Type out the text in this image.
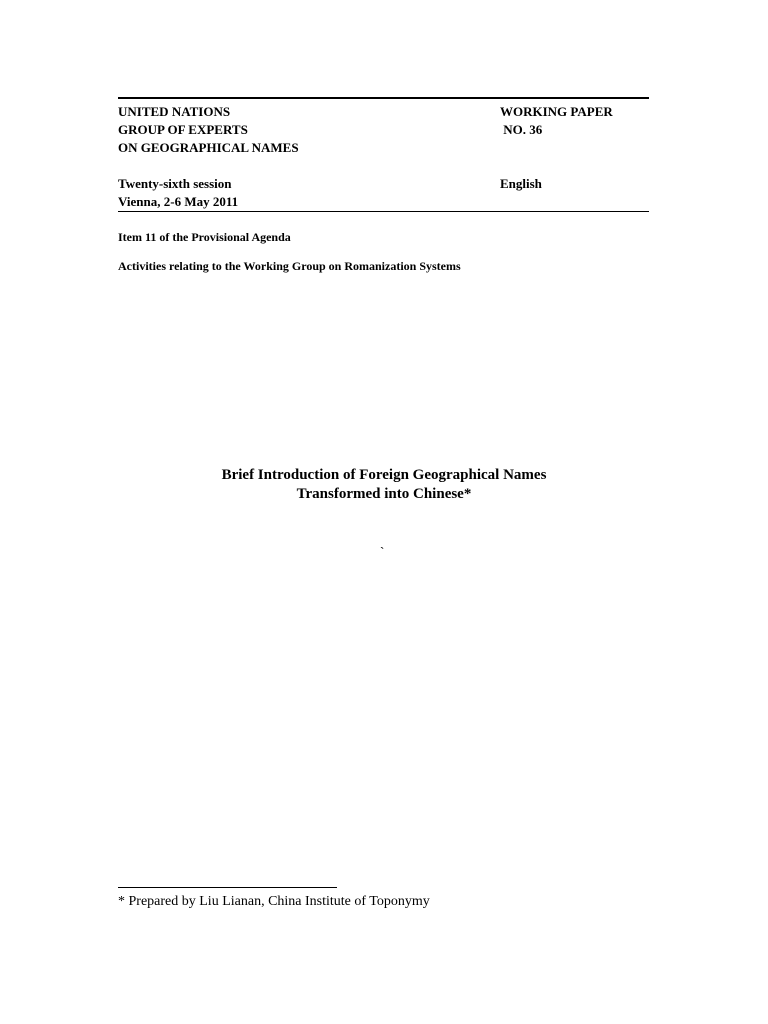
UNITED NATIONS
GROUP OF EXPERTS
ON GEOGRAPHICAL NAMES
WORKING PAPER
NO. 36
Twenty-sixth session
Vienna, 2-6 May 2011
English
Item 11 of the Provisional Agenda
Activities relating to the Working Group on Romanization Systems
Brief Introduction of Foreign Geographical Names
Transformed into Chinese*
`
* Prepared by Liu Lianan, China Institute of Toponymy
